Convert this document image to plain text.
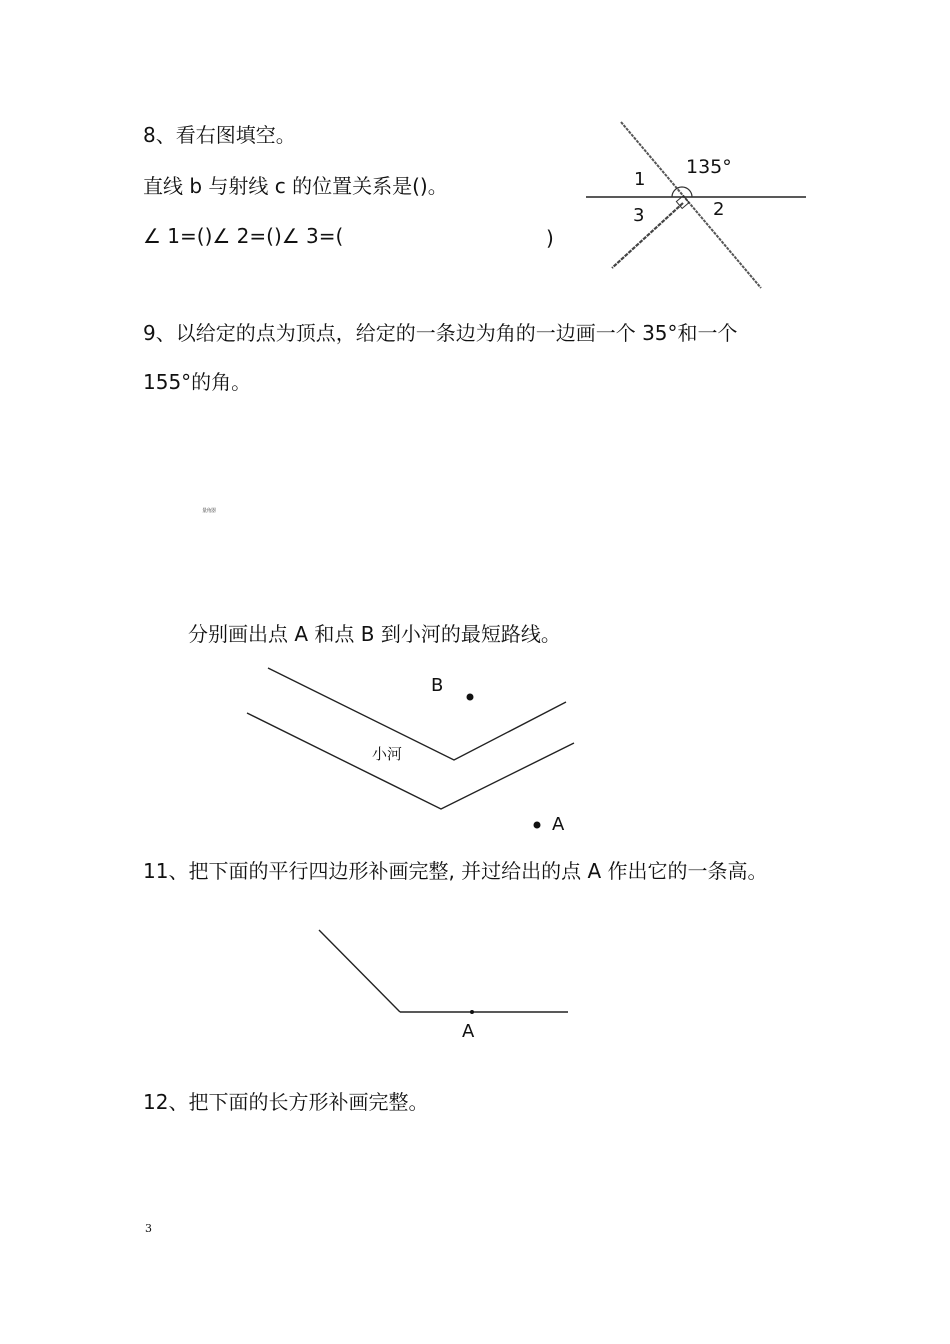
8、看右图填空。
直线 b 与射线 c 的位置关系是()。
∠ 1=()∠ 2=()∠ 3=(	)
135°
1
2
3
9、以给定的点为顶点，给定的一条边为角的一边画一个 35°和一个
155°的角。
量角器
分别画出点 A 和点 B 到小河的最短路线。
B
A
小河
11、把下面的平行四边形补画完整, 并过给出的点 A 作出它的一条高。
A
12、把下面的长方形补画完整。
3
